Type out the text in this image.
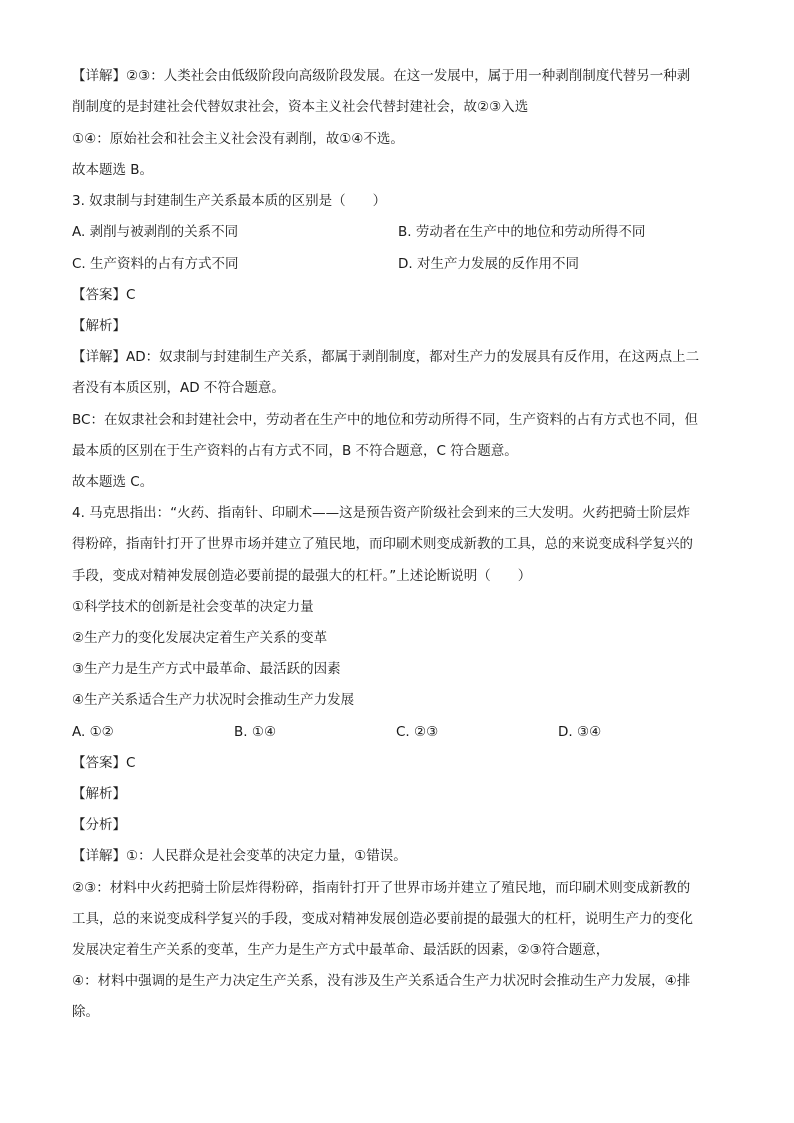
【详解】②③：人类社会由低级阶段向高级阶段发展。在这一发展中，属于用一种剥削制度代替另一种剥
削制度的是封建社会代替奴隶社会，资本主义社会代替封建社会，故②③入选
①④：原始社会和社会主义社会没有剥削，故①④不选。
故本题选 B。
3. 奴隶制与封建制生产关系最本质的区别是（　　）
A. 剥削与被剥削的关系不同	B. 劳动者在生产中的地位和劳动所得不同
C. 生产资料的占有方式不同	D. 对生产力发展的反作用不同
【答案】C
【解析】
【详解】AD：奴隶制与封建制生产关系，都属于剥削制度，都对生产力的发展具有反作用，在这两点上二
者没有本质区别，AD 不符合题意。
BC：在奴隶社会和封建社会中，劳动者在生产中的地位和劳动所得不同，生产资料的占有方式也不同，但
最本质的区别在于生产资料的占有方式不同，B 不符合题意，C 符合题意。
故本题选 C。
4. 马克思指出：“火药、指南针、印刷术——这是预告资产阶级社会到来的三大发明。火药把骑士阶层炸
得粉碎，指南针打开了世界市场并建立了殖民地，而印刷术则变成新教的工具，总的来说变成科学复兴的
手段，变成对精神发展创造必要前提的最强大的杠杆。”上述论断说明（　　）
①科学技术的创新是社会变革的决定力量
②生产力的变化发展决定着生产关系的变革
③生产力是生产方式中最革命、最活跃的因素
④生产关系适合生产力状况时会推动生产力发展
A. ①②	B. ①④	C. ②③	D. ③④
【答案】C
【解析】
【分析】
【详解】①：人民群众是社会变革的决定力量，①错误。
②③：材料中火药把骑士阶层炸得粉碎，指南针打开了世界市场并建立了殖民地，而印刷术则变成新教的
工具，总的来说变成科学复兴的手段，变成对精神发展创造必要前提的最强大的杠杆，说明生产力的变化
发展决定着生产关系的变革，生产力是生产方式中最革命、最活跃的因素，②③符合题意，
④：材料中强调的是生产力决定生产关系，没有涉及生产关系适合生产力状况时会推动生产力发展，④排
除。
